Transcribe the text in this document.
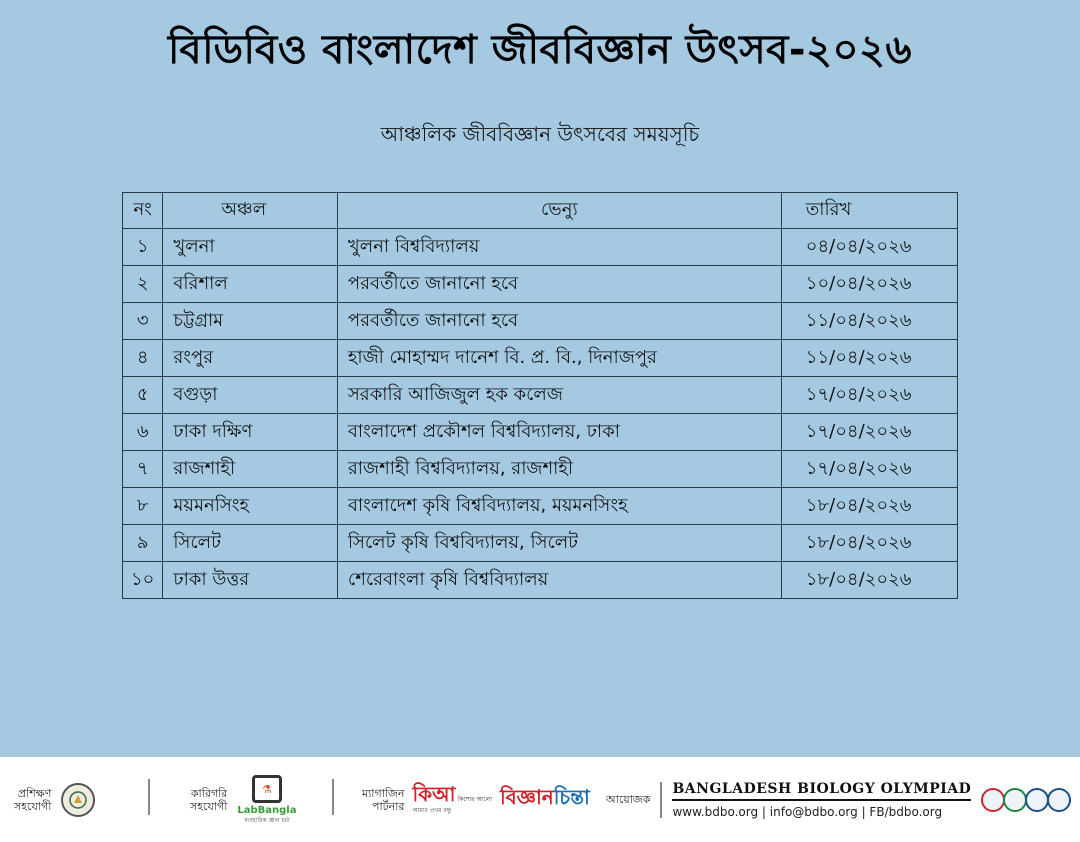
বিডিবিও বাংলাদেশ জীববিজ্ঞান উৎসব-২০২৬
আঞ্চলিক জীববিজ্ঞান উৎসবের সময়সূচি
নং	অঞ্চল	ভেন্যু	তারিখ
১	খুলনা	খুলনা বিশ্ববিদ্যালয়	০৪/০৪/২০২৬
২	বরিশাল	পরবর্তীতে জানানো হবে	১০/০৪/২০২৬
৩	চট্টগ্রাম	পরবর্তীতে জানানো হবে	১১/০৪/২০২৬
৪	রংপুর	হাজী মোহাম্মদ দানেশ বি. প্র. বি., দিনাজপুর	১১/০৪/২০২৬
৫	বগুড়া	সরকারি আজিজুল হক কলেজ	১৭/০৪/২০২৬
৬	ঢাকা দক্ষিণ	বাংলাদেশ প্রকৌশল বিশ্ববিদ্যালয়, ঢাকা	১৭/০৪/২০২৬
৭	রাজশাহী	রাজশাহী বিশ্ববিদ্যালয়, রাজশাহী	১৭/০৪/২০২৬
৮	ময়মনসিংহ	বাংলাদেশ কৃষি বিশ্ববিদ্যালয়, ময়মনসিংহ	১৮/০৪/২০২৬
৯	সিলেট	সিলেট কৃষি বিশ্ববিদ্যালয়, সিলেট	১৮/০৪/২০২৬
১০	ঢাকা উত্তর	শেরেবাংলা কৃষি বিশ্ববিদ্যালয়	১৮/০৪/২০২৬
প্রশিক্ষণ
সহযোগী
কারিগরি
সহযোগী
⚗
LabBangla
ব্যবহারিক জ্ঞান চর্চা
ম্যাগাজিন
পার্টনার কিআ
আমার প্রথম বন্ধু
কিশোর আলো বিজ্ঞানচিন্তা আয়োজক
BANGLADESH BIOLOGY OLYMPIAD
www.bdbo.org | info@bdbo.org | FB/bdbo.org
